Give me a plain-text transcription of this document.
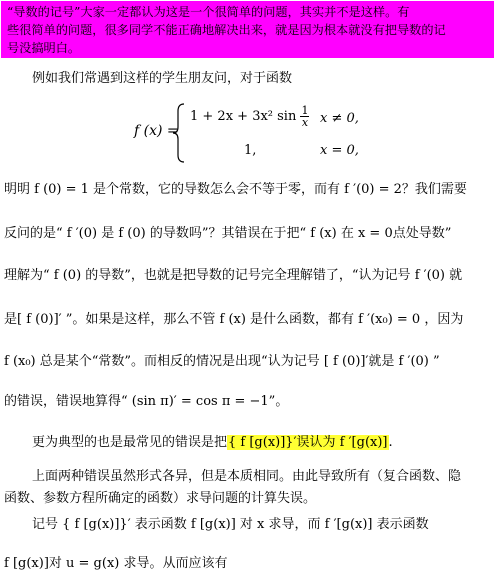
“导数的记号”大家一定都认为这是一个很简单的问题，其实并不是这样。有
些很简单的问题，很多同学不能正确地解决出来，就是因为根本就没有把导数的记
号没搞明白。
例如我们常遇到这样的学生朋友问，对于函数
f (x) =
1 + 2x + 3x² $\sin \frac{1}{x}$ x ≠ 0,
1,	x = 0,
明明 f (0) = 1 是个常数，它的导数怎么会不等于零，而有 f ′(0) = 2？我们需要
反问的是“ f ′(0) 是 f (0) 的导数吗”？其错误在于把“ f (x) 在 x = 0点处导数”
理解为“ f (0) 的导数”，也就是把导数的记号完全理解错了，“认为记号 f ′(0) 就
是[ f (0)]′ ”。如果是这样，那么不管 f (x) 是什么函数，都有 f ′(x₀) = 0 ，因为
f (x₀) 总是某个“常数”。而相反的情况是出现“认为记号 [ f (0)]′就是 f ′(0) ”
的错误，错误地算得“ (sin π)′ = cos π = −1”。
更为典型的也是最常见的错误是把{ f [g(x)]}′误认为 f ′[g(x)].
上面两种错误虽然形式各异，但是本质相同。由此导致所有（复合函数、隐
函数、参数方程所确定的函数）求导问题的计算失误。
记号 { f [g(x)]}′ 表示函数 f [g(x)] 对 x 求导，而 f ′[g(x)] 表示函数
f [g(x)]对 u = g(x) 求导。从而应该有
